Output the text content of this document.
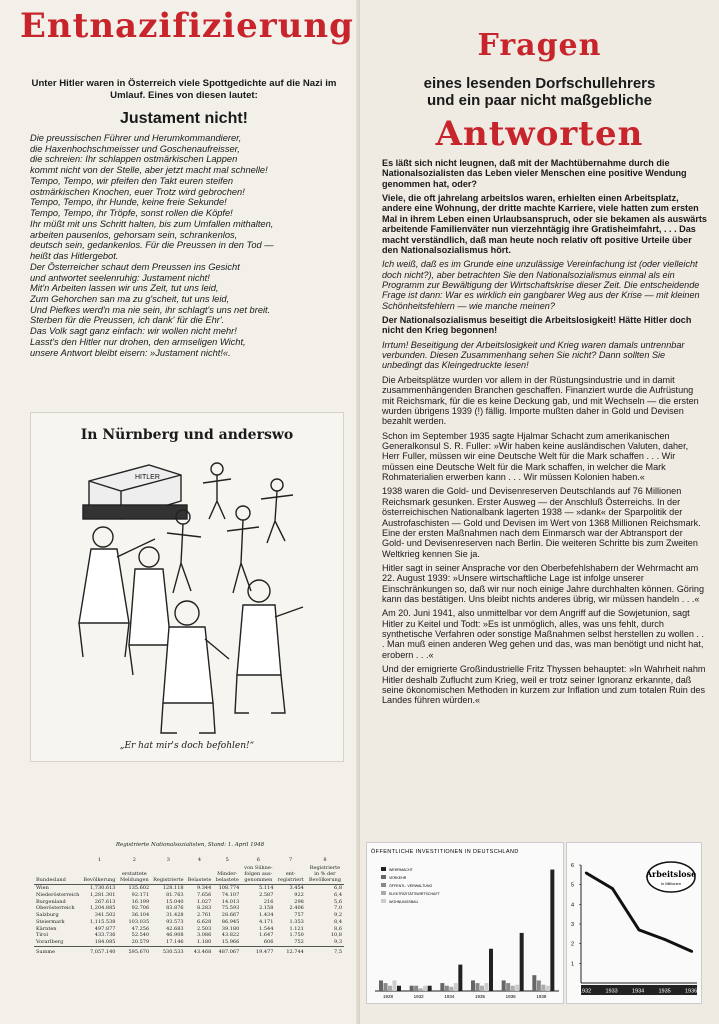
Entnazifizierung
Unter Hitler waren in Österreich viele Spottgedichte auf die Nazi im Umlauf. Eines von diesen lautet:
Justament nicht!
Die preussischen Führer und Herumkommandierer,
die Haxenhochschmeisser und Goschenaufreisser,
die schreien: Ihr schlappen ostmärkischen Lappen
kommt nicht von der Stelle, aber jetzt macht mal schnelle!
Tempo, Tempo, wir pfeifen den Takt euren steifen
ostmärkischen Knochen, euer Trotz wird gebrochen!
Tempo, Tempo, ihr Hunde, keine freie Sekunde!
Tempo, Tempo, ihr Tröpfe, sonst rollen die Köpfe!
Ihr müßt mit uns Schritt halten, bis zum Umfallen mithalten,
arbeiten pausenlos, gehorsam sein, schrankenlos,
deutsch sein, gedankenlos. Für die Preussen in den Tod —
heißt das Hitlergebot.
Der Österreicher schaut dem Preussen ins Gesicht
und antwortet seelenruhig: Justament nicht!
Mit'n Arbeiten lassen wir uns Zeit, tut uns leid,
Zum Gehorchen san ma zu g'scheit, tut uns leid,
Und Piefkes werd'n ma nie sein, ihr schlagt's uns net breit.
Sterben für die Preussen, ich dank' für die Ehr'.
Das Volk sagt ganz einfach: wir wollen nicht mehr!
Lasst's den Hitler nur drohen, den armseligen Wicht,
unsere Antwort bleibt eisern: »Justament nicht!«.
In Nürnberg und anderswo
HITLER
„Er hat mir's doch befohlen!“
Registrierte Nationalsozialisten, Stand: 1. April 1948
	1	2	3	4	5	6	7	8
Bundesland	Bevölkerung	erstattete Meldungen	Registrierte	Belastete	Minder-belastete	von Sühne-folgen aus-genommen	ent-registriert	Registrierte in % der Bevölkerung
Wien	1,730.613	135.602	128.118	9.344	108.774	5.114	3.454	6,8
Niederösterreich	1,281.301	92.171	81.763	7.656	74.107	2.587	922	6,4
Burgenland	267.613	16.199	15.040	1.027	14.013	216	298	5,6
Oberösterreich	1,204.885	92.706	83.876	8.283	75.593	2.158	2.406	7,0
Salzburg	341.502	36.104	31.428	2.761	28.667	1.434	757	9,2
Steiermark	1,115.538	103.035	93.573	6.628	86.945	4.171	1.353	8,4
Kärnten	497.877	47.256	42.683	2.503	39.180	1.544	1.121	8,6
Tirol	433.736	52.540	46.908	3.086	43.822	1.647	1.750	10,8
Vorarlberg	184.085	20.579	17.146	1.180	15.966	606	752	9,3
Summe	7,057.140	595.670	530.533	43.468	487.067	19.477	12.744	7,5
Fragen
eines lesenden Dorfschullehrers
und ein paar nicht maßgebliche
Antworten

Es läßt sich nicht leugnen, daß mit der Machtübernahme durch die Nationalsozialisten das Leben vieler Menschen eine positive Wendung genommen hat, oder?

Viele, die oft jahrelang arbeitslos waren, erhielten einen Arbeitsplatz, andere eine Wohnung, der dritte machte Karriere, viele hatten zum ersten Mal in ihrem Leben einen Urlaubsanspruch, oder sie bekamen als auswärts arbeitende Familienväter nun vierzehntägig ihre Gratisheimfahrt, . . . Das macht verständlich, daß man heute noch relativ oft positive Urteile über den Nationalsozialismus hört.

Ich weiß, daß es im Grunde eine unzulässige Vereinfachung ist (oder vielleicht doch nicht?), aber betrachten Sie den Nationalsozialismus einmal als ein Programm zur Bewältigung der Wirtschaftskrise dieser Zeit. Die entscheidende Frage ist dann: War es wirklich ein gangbarer Weg aus der Krise — mit kleinen Schönheitsfehlern — wie manche meinen?

Der Nationalsozialismus beseitigt die Arbeitslosigkeit! Hätte Hitler doch nicht den Krieg begonnen!

Irrtum! Beseitigung der Arbeitslosigkeit und Krieg waren damals untrennbar verbunden. Diesen Zusammenhang sehen Sie nicht? Dann sollten Sie unbedingt das Kleingedruckte lesen!

Die Arbeitsplätze wurden vor allem in der Rüstungsindustrie und in damit zusammenhängenden Branchen geschaffen. Finanziert wurde die Aufrüstung mit Reichsmark, für die es keine Deckung gab, und mit Wechseln — die ersten wurden übrigens 1939 (!) fällig. Importe mußten daher in Gold und Devisen bezahlt werden.

Schon im September 1935 sagte Hjalmar Schacht zum amerikanischen Generalkonsul S. R. Fuller: »Wir haben keine ausländischen Valuten, daher, Herr Fuller, müssen wir eine Deutsche Welt für die Mark schaffen . . . Wir müssen eine Deutsche Welt für die Mark schaffen, in welcher die Mark Rohmaterialien erwerben kann . . . Wir müssen Kolonien haben.«

1938 waren die Gold- und Devisenreserven Deutschlands auf 76 Millionen Reichsmark gesunken. Erster Ausweg — der Anschluß Österreichs. In der österreichischen Nationalbank lagerten 1938 — »dank« der Sparpolitik der Austrofaschisten — Gold und Devisen im Wert von 1368 Millionen Reichsmark. Eine der ersten Maßnahmen nach dem Einmarsch war der Abtransport der Gold- und Devisenreserven nach Berlin. Die weiteren Schritte bis zum Zweiten Weltkrieg kennen Sie ja.

Hitler sagt in seiner Ansprache vor den Oberbefehlshabern der Wehrmacht am 22. August 1939: »Unsere wirtschaftliche Lage ist infolge unserer Einschränkungen so, daß wir nur noch einige Jahre durchhalten können. Göring kann das bestätigen. Uns bleibt nichts anderes übrig, wir müssen handeln . . .«

Am 20. Juni 1941, also unmittelbar vor dem Angriff auf die Sowjetunion, sagt Hitler zu Keitel und Todt: »Es ist unmöglich, alles, was uns fehlt, durch synthetische Verfahren oder sonstige Maßnahmen selbst herstellen zu wollen . . . Man muß einen anderen Weg gehen und das, was man benötigt und nicht hat, erobern . . .«

Und der emigrierte Großindustrielle Fritz Thyssen behauptet: »In Wahrheit nahm Hitler deshalb Zuflucht zum Krieg, weil er trotz seiner Ignoranz erkannte, daß seine ökonomischen Methoden in kurzem zur Inflation und zum totalen Ruin des Landes führen würden.«

ÖFFENTLICHE INVESTITIONEN IN DEUTSCHLAND
WEHRMACHT
VERKEHR
ÖFFENTL. VERWALTUNG
ELEKTRIZITÄTSWIRTSCHAFT
WOHNUNGSBAU
1928	1932	1934	1935	1936	1938
6
5
4
3
2
1
1932	1933	1934	1935	1936
Arbeitslose
in Millionen
